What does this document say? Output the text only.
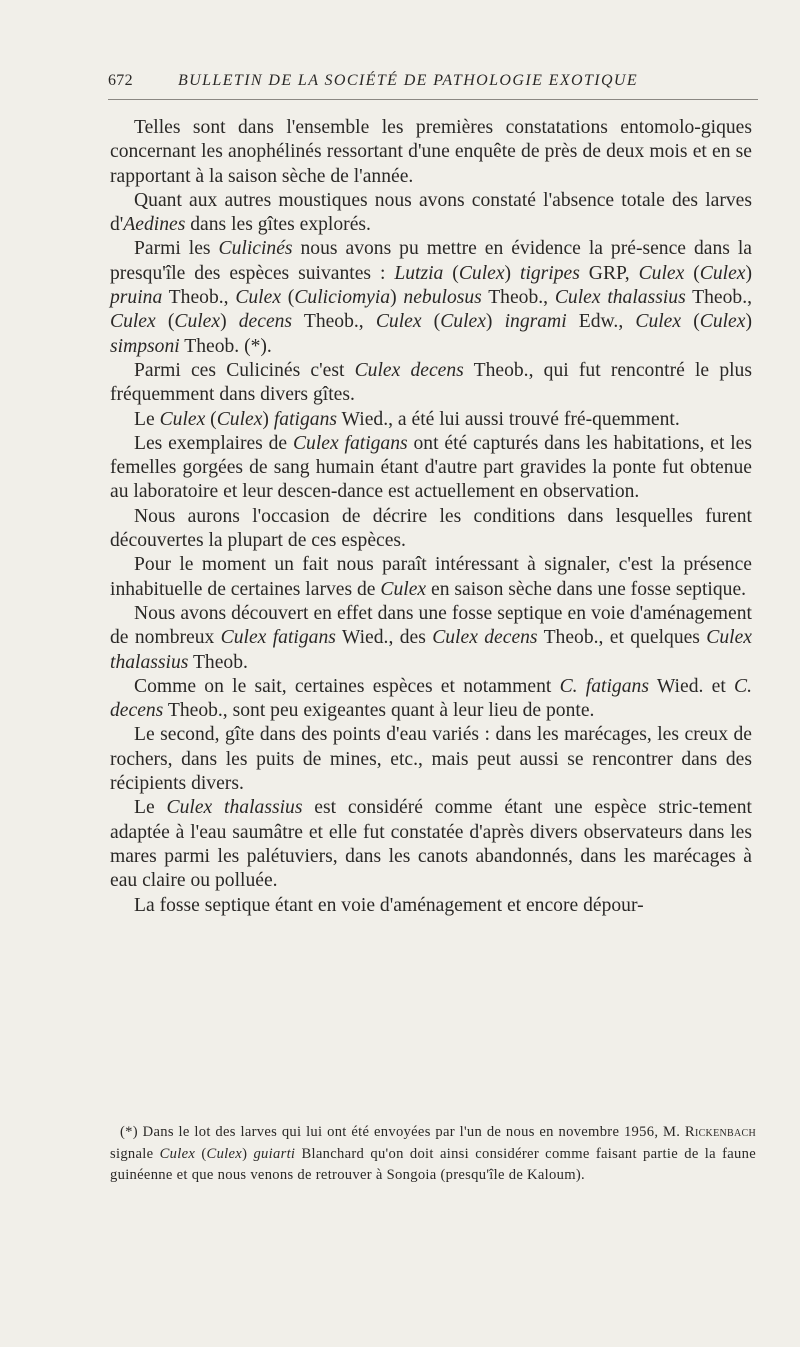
672	BULLETIN DE LA SOCIÉTÉ DE PATHOLOGIE EXOTIQUE

Telles sont dans l'ensemble les premières constatations entomolo-giques concernant les anophélinés ressortant d'une enquête de près de deux mois et en se rapportant à la saison sèche de l'année.

Quant aux autres moustiques nous avons constaté l'absence totale des larves d'Aedines dans les gîtes explorés.

Parmi les Culicinés nous avons pu mettre en évidence la pré-sence dans la presqu'île des espèces suivantes : Lutzia (Culex) tigripes GRP, Culex (Culex) pruina Theob., Culex (Culiciomyia) nebulosus Theob., Culex thalassius Theob., Culex (Culex) decens Theob., Culex (Culex) ingrami Edw., Culex (Culex) simpsoni Theob. (*).

Parmi ces Culicinés c'est Culex decens Theob., qui fut rencontré le plus fréquemment dans divers gîtes.

Le Culex (Culex) fatigans Wied., a été lui aussi trouvé fré-quemment.

Les exemplaires de Culex fatigans ont été capturés dans les habitations, et les femelles gorgées de sang humain étant d'autre part gravides la ponte fut obtenue au laboratoire et leur descen-dance est actuellement en observation.

Nous aurons l'occasion de décrire les conditions dans lesquelles furent découvertes la plupart de ces espèces.

Pour le moment un fait nous paraît intéressant à signaler, c'est la présence inhabituelle de certaines larves de Culex en saison sèche dans une fosse septique.

Nous avons découvert en effet dans une fosse septique en voie d'aménagement de nombreux Culex fatigans Wied., des Culex decens Theob., et quelques Culex thalassius Theob.

Comme on le sait, certaines espèces et notamment C. fatigans Wied. et C. decens Theob., sont peu exigeantes quant à leur lieu de ponte.

Le second, gîte dans des points d'eau variés : dans les marécages, les creux de rochers, dans les puits de mines, etc., mais peut aussi se rencontrer dans des récipients divers.

Le Culex thalassius est considéré comme étant une espèce stric-tement adaptée à l'eau saumâtre et elle fut constatée d'après divers observateurs dans les mares parmi les palétuviers, dans les canots abandonnés, dans les marécages à eau claire ou polluée.

La fosse septique étant en voie d'aménagement et encore dépour-

(*) Dans le lot des larves qui lui ont été envoyées par l'un de nous en novembre 1956, M. Rickenbach signale Culex (Culex) guiarti Blanchard qu'on doit ainsi considérer comme faisant partie de la faune guinéenne et que nous venons de retrouver à Songoia (presqu'île de Kaloum).
